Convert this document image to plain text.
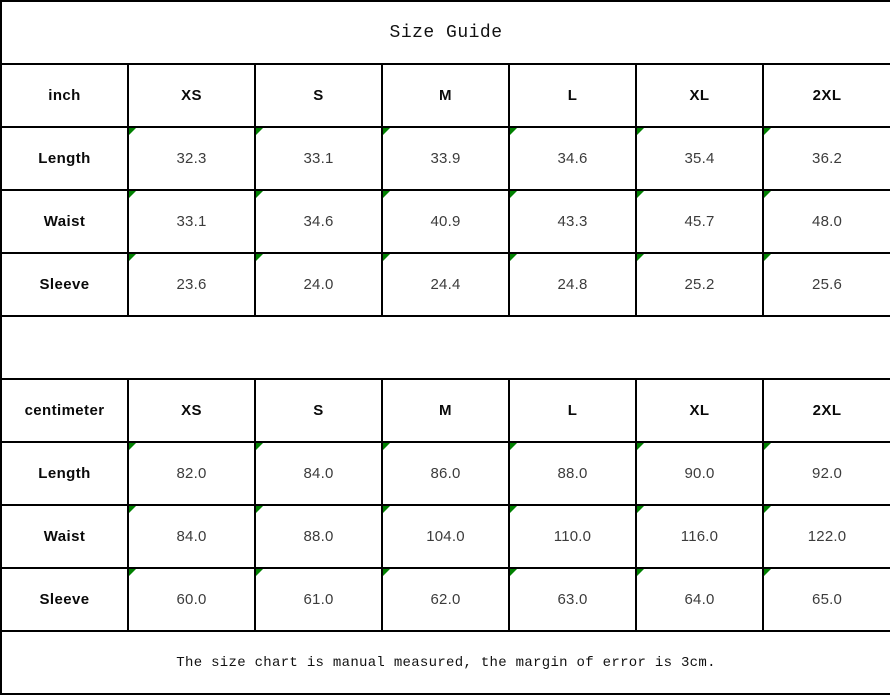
Size Guide						
inch	XS	S	M	L	XL	2XL
Length	32.3	33.1	33.9	34.6	35.4	36.2
Waist	33.1	34.6	40.9	43.3	45.7	48.0
Sleeve	23.6	24.0	24.4	24.8	25.2	25.6

centimeter	XS	S	M	L	XL	2XL
Length	82.0	84.0	86.0	88.0	90.0	92.0
Waist	84.0	88.0	104.0	110.0	116.0	122.0
Sleeve	60.0	61.0	62.0	63.0	64.0	65.0
The size chart is manual measured, the margin of error is 3cm.						
